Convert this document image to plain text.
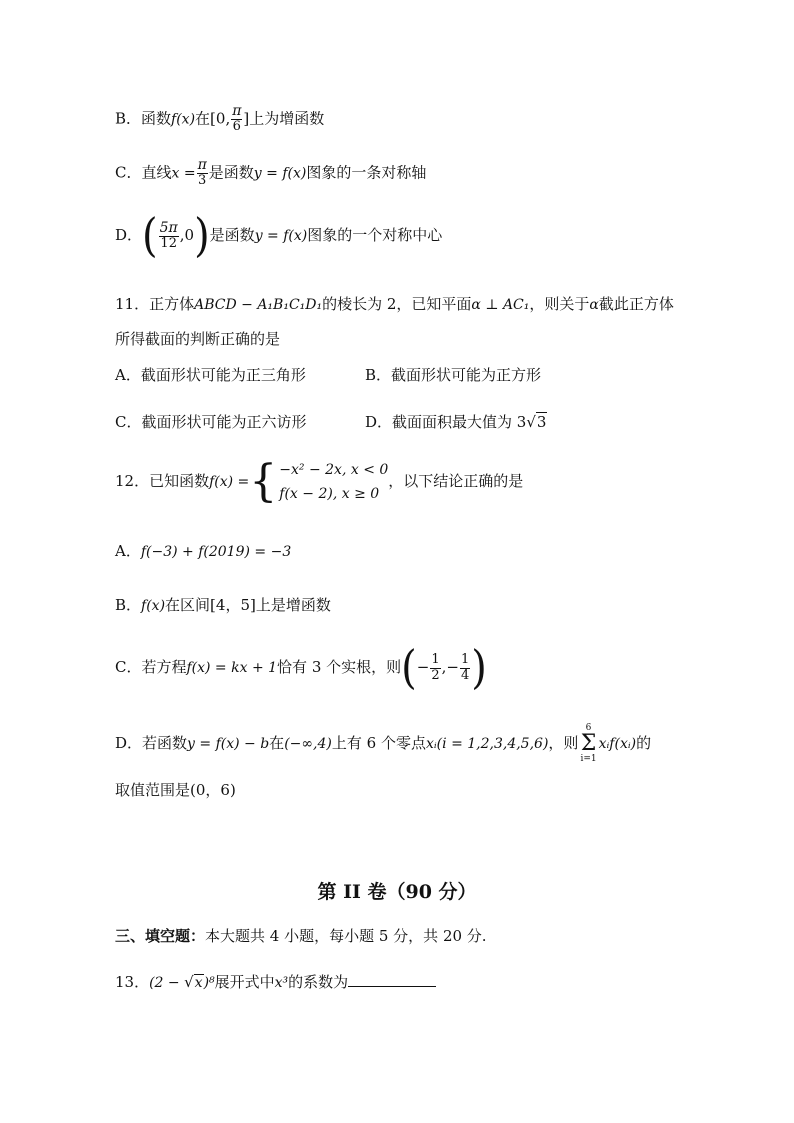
B．函数f(x)在[0, $\frac{\pi}{6}$ ]上为增函数
C．直线$x = \frac{\pi}{3}$ 是函数y = f(x)图象的一条对称轴
D．( $\frac{5\pi}{12} ,0$)是函数y = f(x)图象的一个对称中心
11．正方体ABCD − A₁B₁C₁D₁的棱长为 2，已知平面α ⊥ AC₁，则关于α截此正方体
所得截面的判断正确的是
A．截面形状可能为正三角形	B．截面形状可能为正方形
C．截面形状可能为正六访形	D．截面面积最大值为 3√3
12．已知函数f(x) ={ −x² − 2x, x < 0
f(x − 2), x ≥ 0
，以下结论正确的是
A．f(−3) + f(2019) = −3
B．f(x)在区间[4，5]上是增函数
C．若方程f(x) = kx + 1恰有 3 个实根，则(− $\frac{1}{2}$ ,− $\frac{1}{4}$ )
D．若函数y = f(x) − b在(−∞,4)上有 6 个零点xᵢ(i = 1,2,3,4,5,6)，则6
Σ
i=1xᵢf(xᵢ)的
取值范围是(0，6)
第 II 卷（90 分）
三、填空题：本大题共 4 小题，每小题 5 分，共 20 分.
13．(2 − √x)⁸展开式中x³的系数为
